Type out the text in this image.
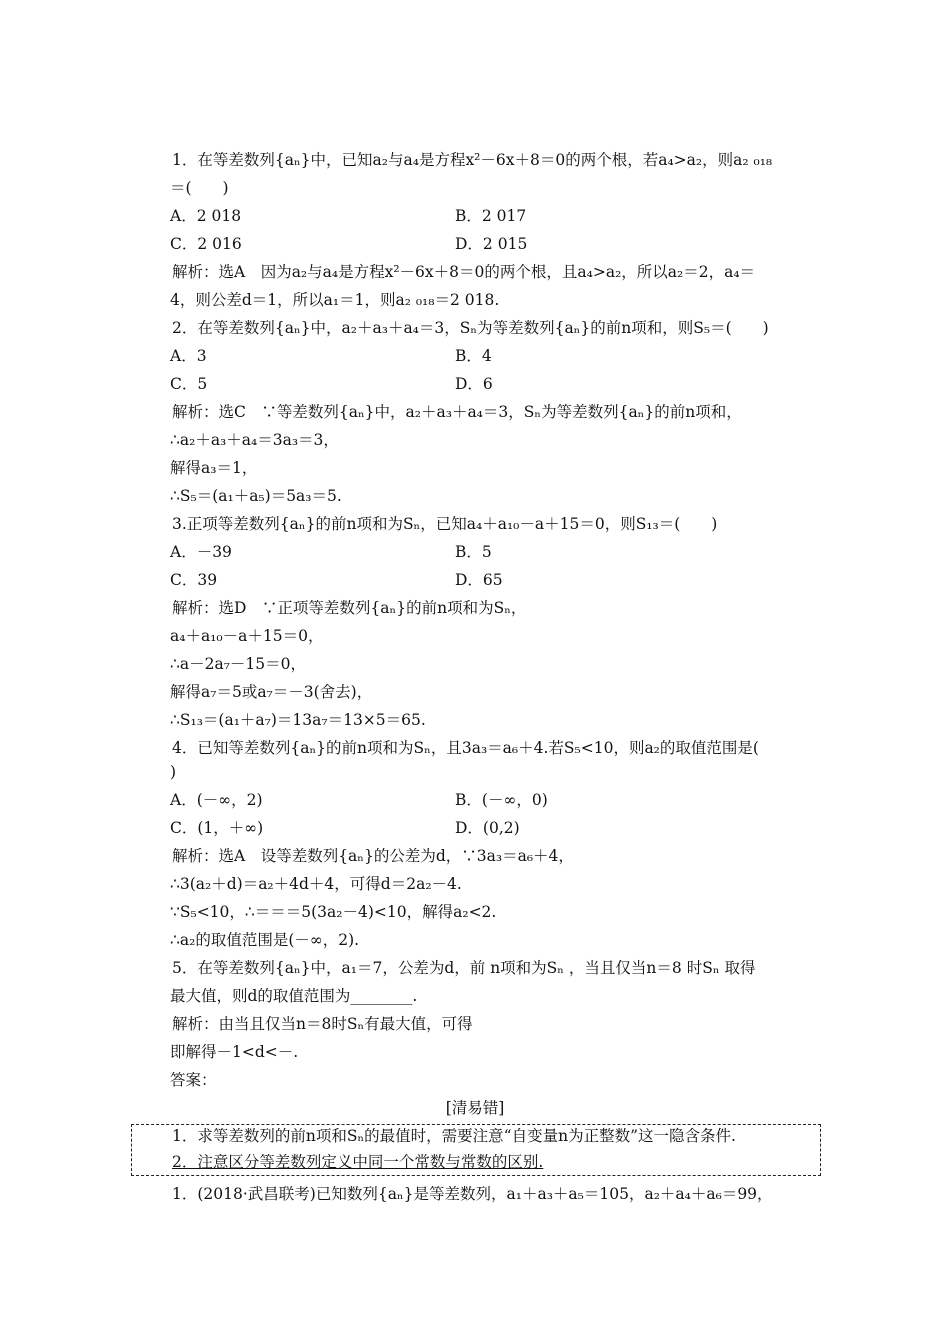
1．在等差数列{aₙ}中，已知a₂与a₄是方程x²－6x＋8＝0的两个根，若a₄>a₂，则a₂ ₀₁₈
＝(　　)
A．2 018	B．2 017
C．2 016	D．2 015
解析：选A　因为a₂与a₄是方程x²－6x＋8＝0的两个根，且a₄>a₂，所以a₂＝2，a₄＝
4，则公差d＝1，所以a₁＝1，则a₂ ₀₁₈＝2 018.
2．在等差数列{aₙ}中，a₂＋a₃＋a₄＝3，Sₙ为等差数列{aₙ}的前n项和，则S₅＝(　　)
A．3	B．4
C．5	D．6
解析：选C　∵等差数列{aₙ}中，a₂＋a₃＋a₄＝3，Sₙ为等差数列{aₙ}的前n项和，
∴a₂＋a₃＋a₄＝3a₃＝3，
解得a₃＝1，
∴S₅＝(a₁＋a₅)＝5a₃＝5.
3.正项等差数列{aₙ}的前n项和为Sₙ，已知a₄＋a₁₀－a＋15＝0，则S₁₃＝(　　)
A．－39	B．5
C．39	D．65
解析：选D　∵正项等差数列{aₙ}的前n项和为Sₙ，
a₄＋a₁₀－a＋15＝0，
∴a－2a₇－15＝0，
解得a₇＝5或a₇＝－3(舍去)，
∴S₁₃＝(a₁＋a₇)＝13a₇＝13×5＝65.
4．已知等差数列{aₙ}的前n项和为Sₙ，且3a₃＝a₆＋4.若S₅<10，则a₂的取值范围是(
)
A．(－∞，2)	B．(－∞，0)
C．(1，＋∞)	D．(0,2)
解析：选A　设等差数列{aₙ}的公差为d，∵3a₃＝a₆＋4，
∴3(a₂＋d)＝a₂＋4d＋4，可得d＝2a₂－4.
∵S₅<10，∴＝＝＝5(3a₂－4)<10，解得a₂<2.
∴a₂的取值范围是(－∞，2).
5．在等差数列{aₙ}中，a₁＝7，公差为d，前 n项和为Sₙ ，当且仅当n＝8 时Sₙ 取得
最大值，则d的取值范围为________.
解析：由当且仅当n＝8时Sₙ有最大值，可得
即解得－1<d<－.
答案：
[清易错]
1．求等差数列的前n项和Sₙ的最值时，需要注意“自变量n为正整数”这一隐含条件.
2．注意区分等差数列定义中同一个常数与常数的区别.
1．(2018·武昌联考)已知数列{aₙ}是等差数列，a₁＋a₃＋a₅＝105，a₂＋a₄＋a₆＝99，
